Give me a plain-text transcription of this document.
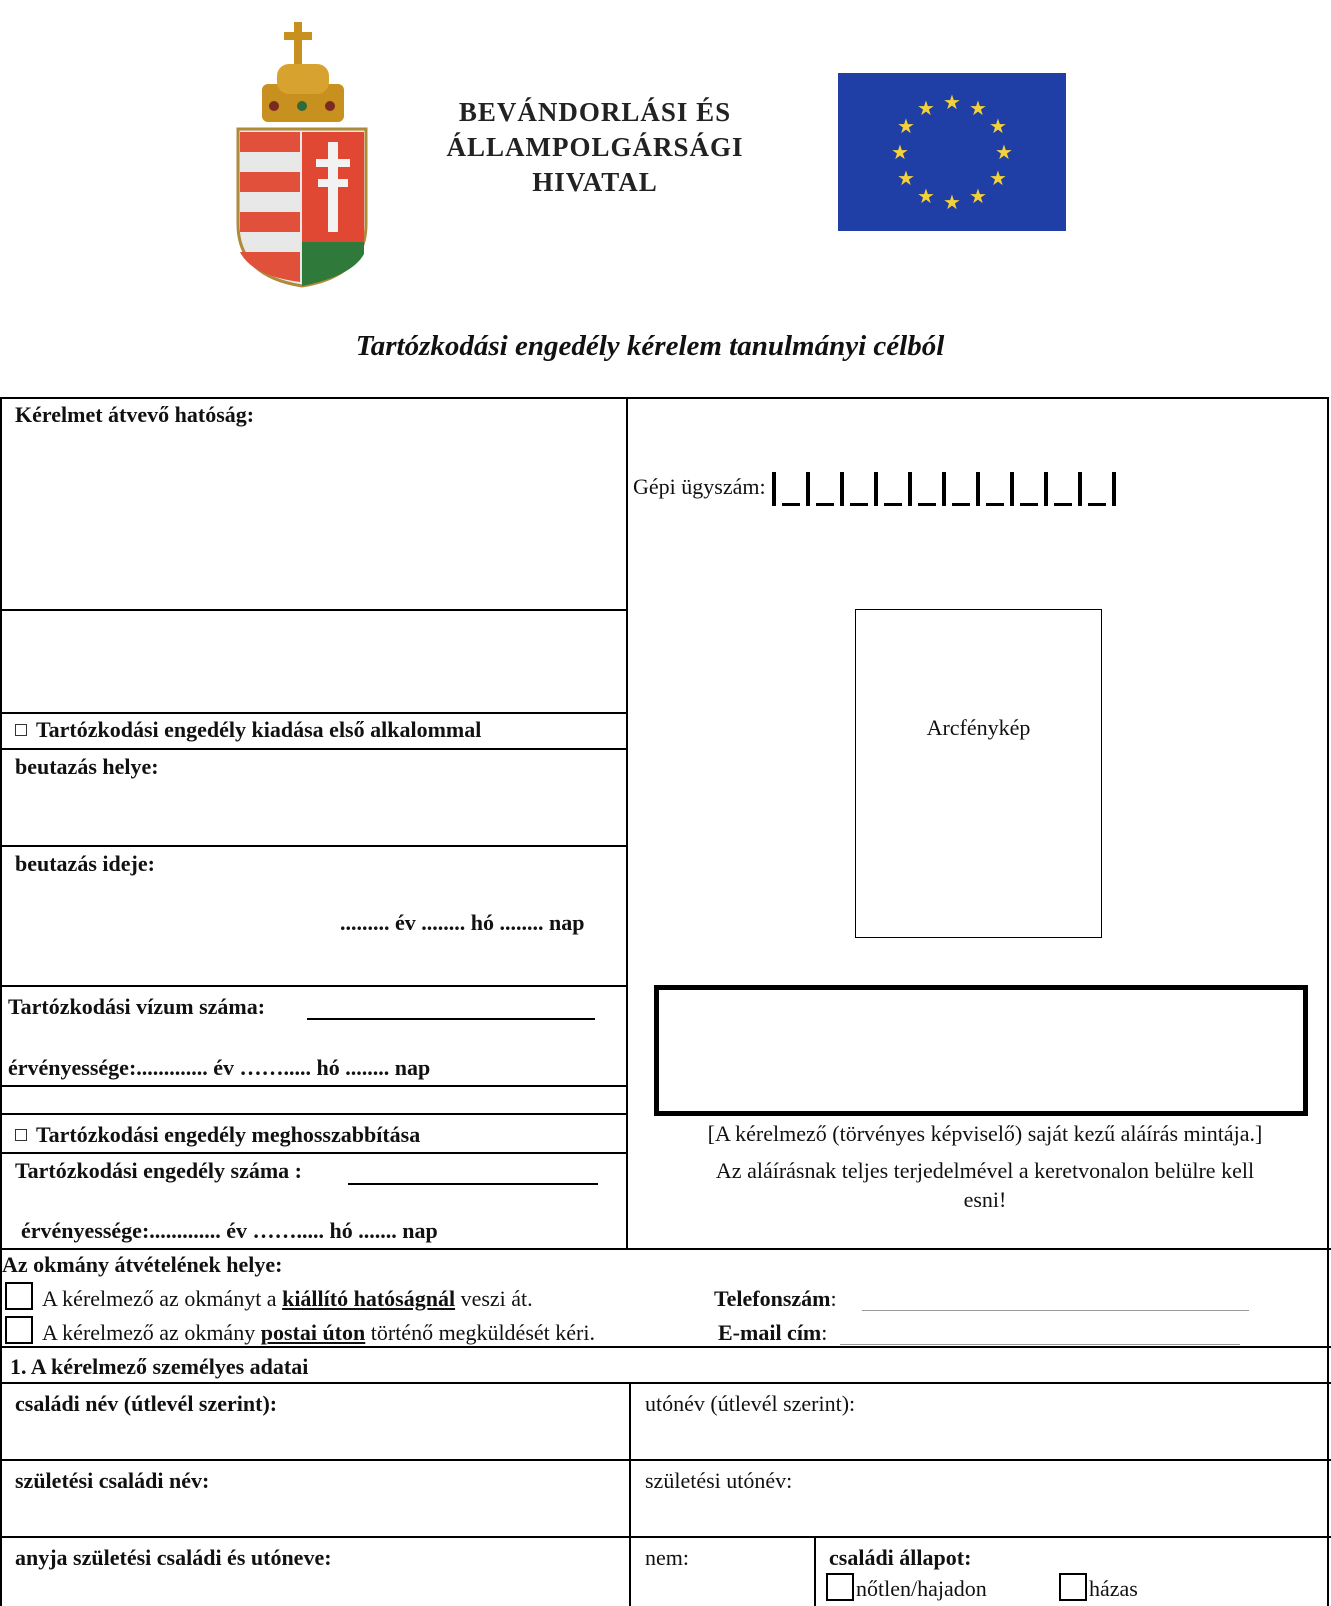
BEVÁNDORLÁSI ÉS
ÁLLAMPOLGÁRSÁGI
HIVATAL
★ ★
★
★
★
★
★
★
★
★
★
★
Tartózkodási engedély kérelem tanulmányi célból
Kérelmet átvevő hatóság:
Tartózkodási engedély kiadása első alkalommal
beutazás helye:
beutazás ideje:
......... év ........ hó ........ nap
Tartózkodási vízum száma:
érvényessége:............. év ……..... hó ........ nap
Tartózkodási engedély meghosszabbítása
Tartózkodási engedély száma :
érvényessége:............. év ……..... hó ....... nap
Gépi ügyszám:
Arcfénykép
[A kérelmező (törvényes képviselő) saját kezű aláírás mintája.]
Az aláírásnak teljes terjedelmével a keretvonalon belülre kell
esni!
Az okmány átvételének helye:
A kérelmező az okmányt a kiállító hatóságnál veszi át.
A kérelmező az okmány postai úton történő megküldését kéri.
Telefonszám:
E-mail cím:
1. A kérelmező személyes adatai
családi név (útlevél szerint):	utónév (útlevél szerint):
születési családi név:	születési utónév:
anyja születési családi és utóneve:	nem:	családi állapot:
nőtlen/hajadon	házas
